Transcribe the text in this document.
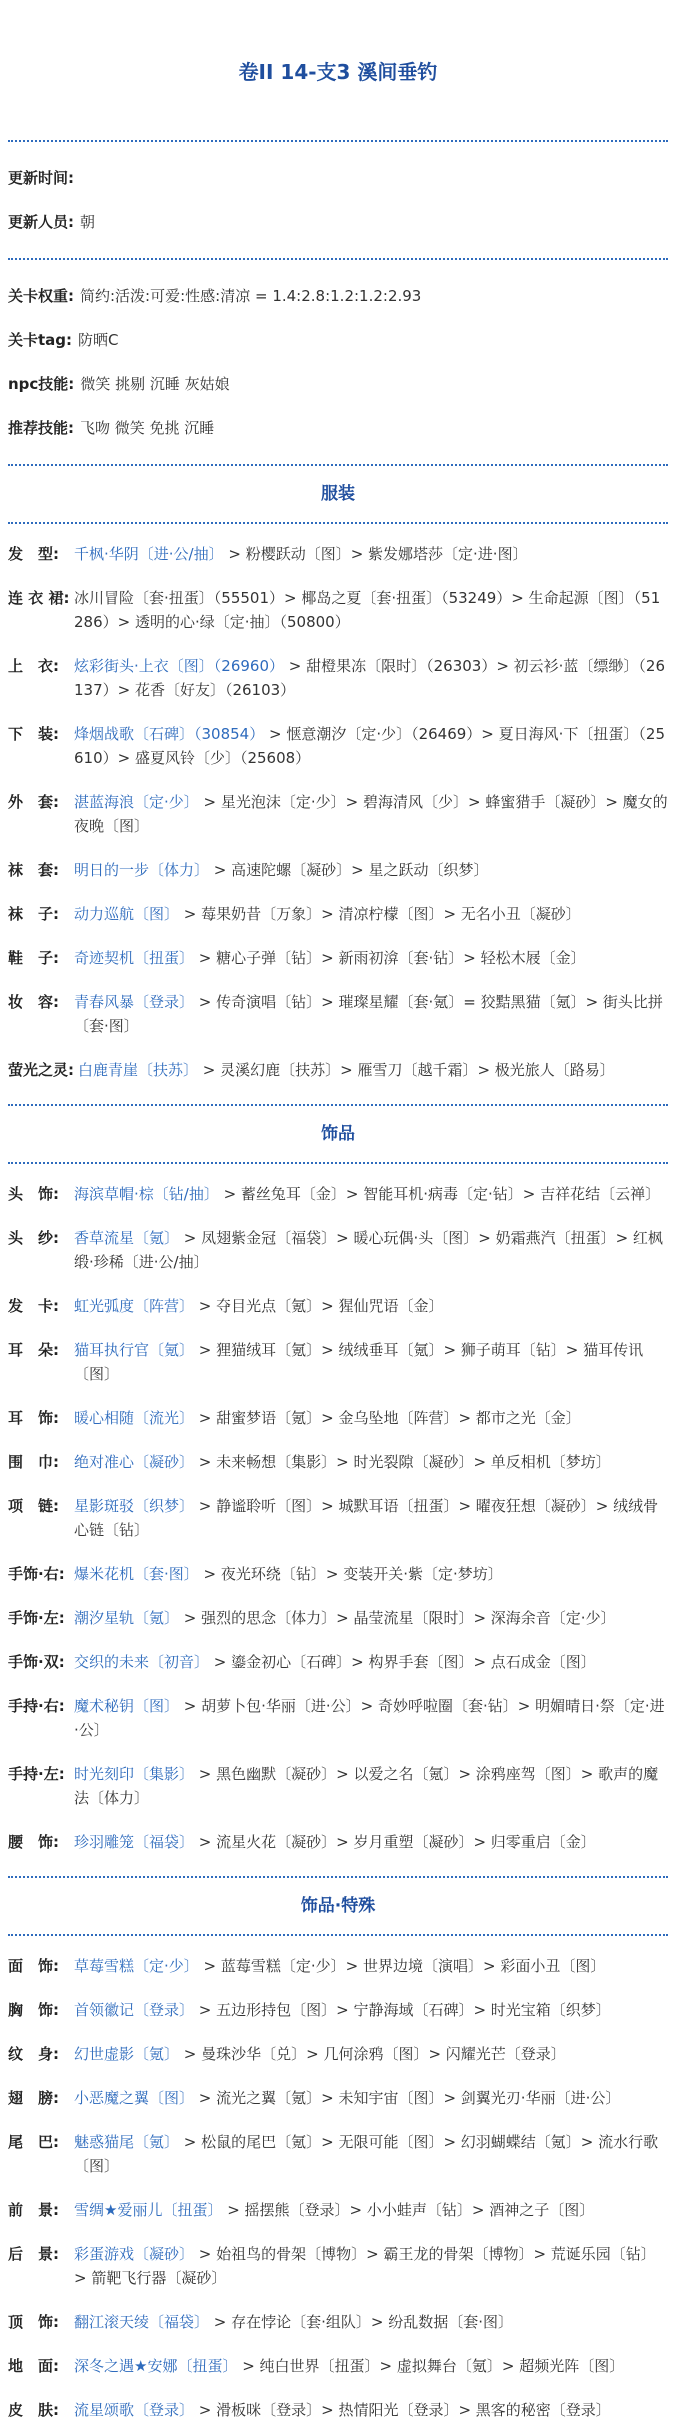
卷II 14-支3 溪间垂钓
更新时间:
更新人员: 朝
关卡权重: 简约:活泼:可爱:性感:清凉 = 1.4:2.8:1.2:1.2:2.93
关卡tag: 防晒C
npc技能: 微笑 挑剔 沉睡 灰姑娘
推荐技能: 飞吻 微笑 免挑 沉睡
服装
发　型:	千枫·华阴〔进·公/抽〕 > 粉樱跃动〔图〕> 紫发娜塔莎〔定·进·图〕
连 衣 裙: 冰川冒险〔套·扭蛋〕（55501）> 椰岛之夏〔套·扭蛋〕（53249）> 生命起源〔图〕（51286）> 透明的心·绿〔定·抽〕（50800）
上　衣:	炫彩街头·上衣〔图〕（26960） > 甜橙果冻〔限时〕（26303）> 初云衫·蓝〔缥缈〕（26137）> 花香〔好友〕（26103）
下　装:	烽烟战歌〔石碑〕（30854） > 惬意潮汐〔定·少〕（26469）> 夏日海风·下〔扭蛋〕（25610）> 盛夏风铃〔少〕（25608）
外　套:	湛蓝海浪〔定·少〕 > 星光泡沫〔定·少〕> 碧海清风〔少〕> 蜂蜜猎手〔凝砂〕> 魔女的夜晚〔图〕
袜　套:	明日的一步〔体力〕 > 高速陀螺〔凝砂〕> 星之跃动〔织梦〕
袜　子:	动力巡航〔图〕 > 莓果奶昔〔万象〕> 清凉柠檬〔图〕> 无名小丑〔凝砂〕
鞋　子:	奇迹契机〔扭蛋〕 > 糖心子弹〔钻〕> 新雨初渰〔套·钻〕> 轻松木屐〔金〕
妆　容:	青春风暴〔登录〕 > 传奇演唱〔钻〕> 璀璨星耀〔套·氪〕= 狡黠黑猫〔氪〕> 街头比拼〔套·图〕
萤光之灵: 白鹿青崖〔扶苏〕 > 灵溪幻鹿〔扶苏〕> 雁雪刀〔越千霜〕> 极光旅人〔路易〕
饰品
头　饰:	海滨草帽·棕〔钻/抽〕 > 蓄丝兔耳〔金〕> 智能耳机·病毒〔定·钻〕> 吉祥花结〔云禅〕
头　纱:	香草流星〔氪〕 > 凤翅紫金冠〔福袋〕> 暖心玩偶·头〔图〕> 奶霜燕汽〔扭蛋〕> 红枫缎·珍稀〔进·公/抽〕
发　卡:	虹光弧度〔阵营〕 > 夺目光点〔氪〕> 猩仙咒语〔金〕
耳　朵:	猫耳执行官〔氪〕 > 狸猫绒耳〔氪〕> 绒绒垂耳〔氪〕> 狮子萌耳〔钻〕> 猫耳传讯〔图〕
耳　饰:	暖心相随〔流光〕 > 甜蜜梦语〔氪〕> 金乌坠地〔阵营〕> 都市之光〔金〕
围　巾:	绝对准心〔凝砂〕 > 未来畅想〔集影〕> 时光裂隙〔凝砂〕> 单反相机〔梦坊〕
项　链:	星影斑驳〔织梦〕 > 静谧聆听〔图〕> 城默耳语〔扭蛋〕> 曜夜狂想〔凝砂〕> 绒绒骨心链〔钻〕
手饰·右: 爆米花机〔套·图〕 > 夜光环绕〔钻〕> 变装开关·紫〔定·梦坊〕
手饰·左: 潮汐星轨〔氪〕 > 强烈的思念〔体力〕> 晶莹流星〔限时〕> 深海余音〔定·少〕
手饰·双: 交织的未来〔初音〕 > 鎏金初心〔石碑〕> 构界手套〔图〕> 点石成金〔图〕
手持·右: 魔术秘钥〔图〕 > 胡萝卜包·华丽〔进·公〕> 奇妙呼啦圈〔套·钻〕> 明媚晴日·祭〔定·进·公〕
手持·左: 时光刻印〔集影〕 > 黑色幽默〔凝砂〕> 以爱之名〔氪〕> 涂鸦座驾〔图〕> 歌声的魔法〔体力〕
腰　饰:	珍羽雕笼〔福袋〕 > 流星火花〔凝砂〕> 岁月重塑〔凝砂〕> 归零重启〔金〕
饰品·特殊
面　饰:	草莓雪糕〔定·少〕 > 蓝莓雪糕〔定·少〕> 世界边境〔演唱〕> 彩面小丑〔图〕
胸　饰:	首领徽记〔登录〕 > 五边形持包〔图〕> 宁静海域〔石碑〕> 时光宝箱〔织梦〕
纹　身:	幻世虚影〔氪〕 > 曼珠沙华〔兑〕> 几何涂鸦〔图〕> 闪耀光芒〔登录〕
翅　膀:	小恶魔之翼〔图〕 > 流光之翼〔氪〕> 未知宇宙〔图〕> 剑翼光刃·华丽〔进·公〕
尾　巴:	魅惑猫尾〔氪〕 > 松鼠的尾巴〔氪〕> 无限可能〔图〕> 幻羽蝴蝶结〔氪〕> 流水行歌〔图〕
前　景:	雪绸★爱丽儿〔扭蛋〕 > 摇摆熊〔登录〕> 小小蛙声〔钻〕> 酒神之子〔图〕
后　景:	彩蛋游戏〔凝砂〕 > 始祖鸟的骨架〔博物〕> 霸王龙的骨架〔博物〕> 荒诞乐园〔钻〕> 箭靶飞行器〔凝砂〕
顶　饰:	翻江滚天绫〔福袋〕 > 存在悖论〔套·组队〕> 纷乱数据〔套·图〕
地　面:	深冬之遇★安娜〔扭蛋〕 > 纯白世界〔扭蛋〕> 虚拟舞台〔氪〕> 超频光阵〔图〕
皮　肤:	流星颂歌〔登录〕 > 滑板咪〔登录〕> 热情阳光〔登录〕> 黑客的秘密〔登录〕
